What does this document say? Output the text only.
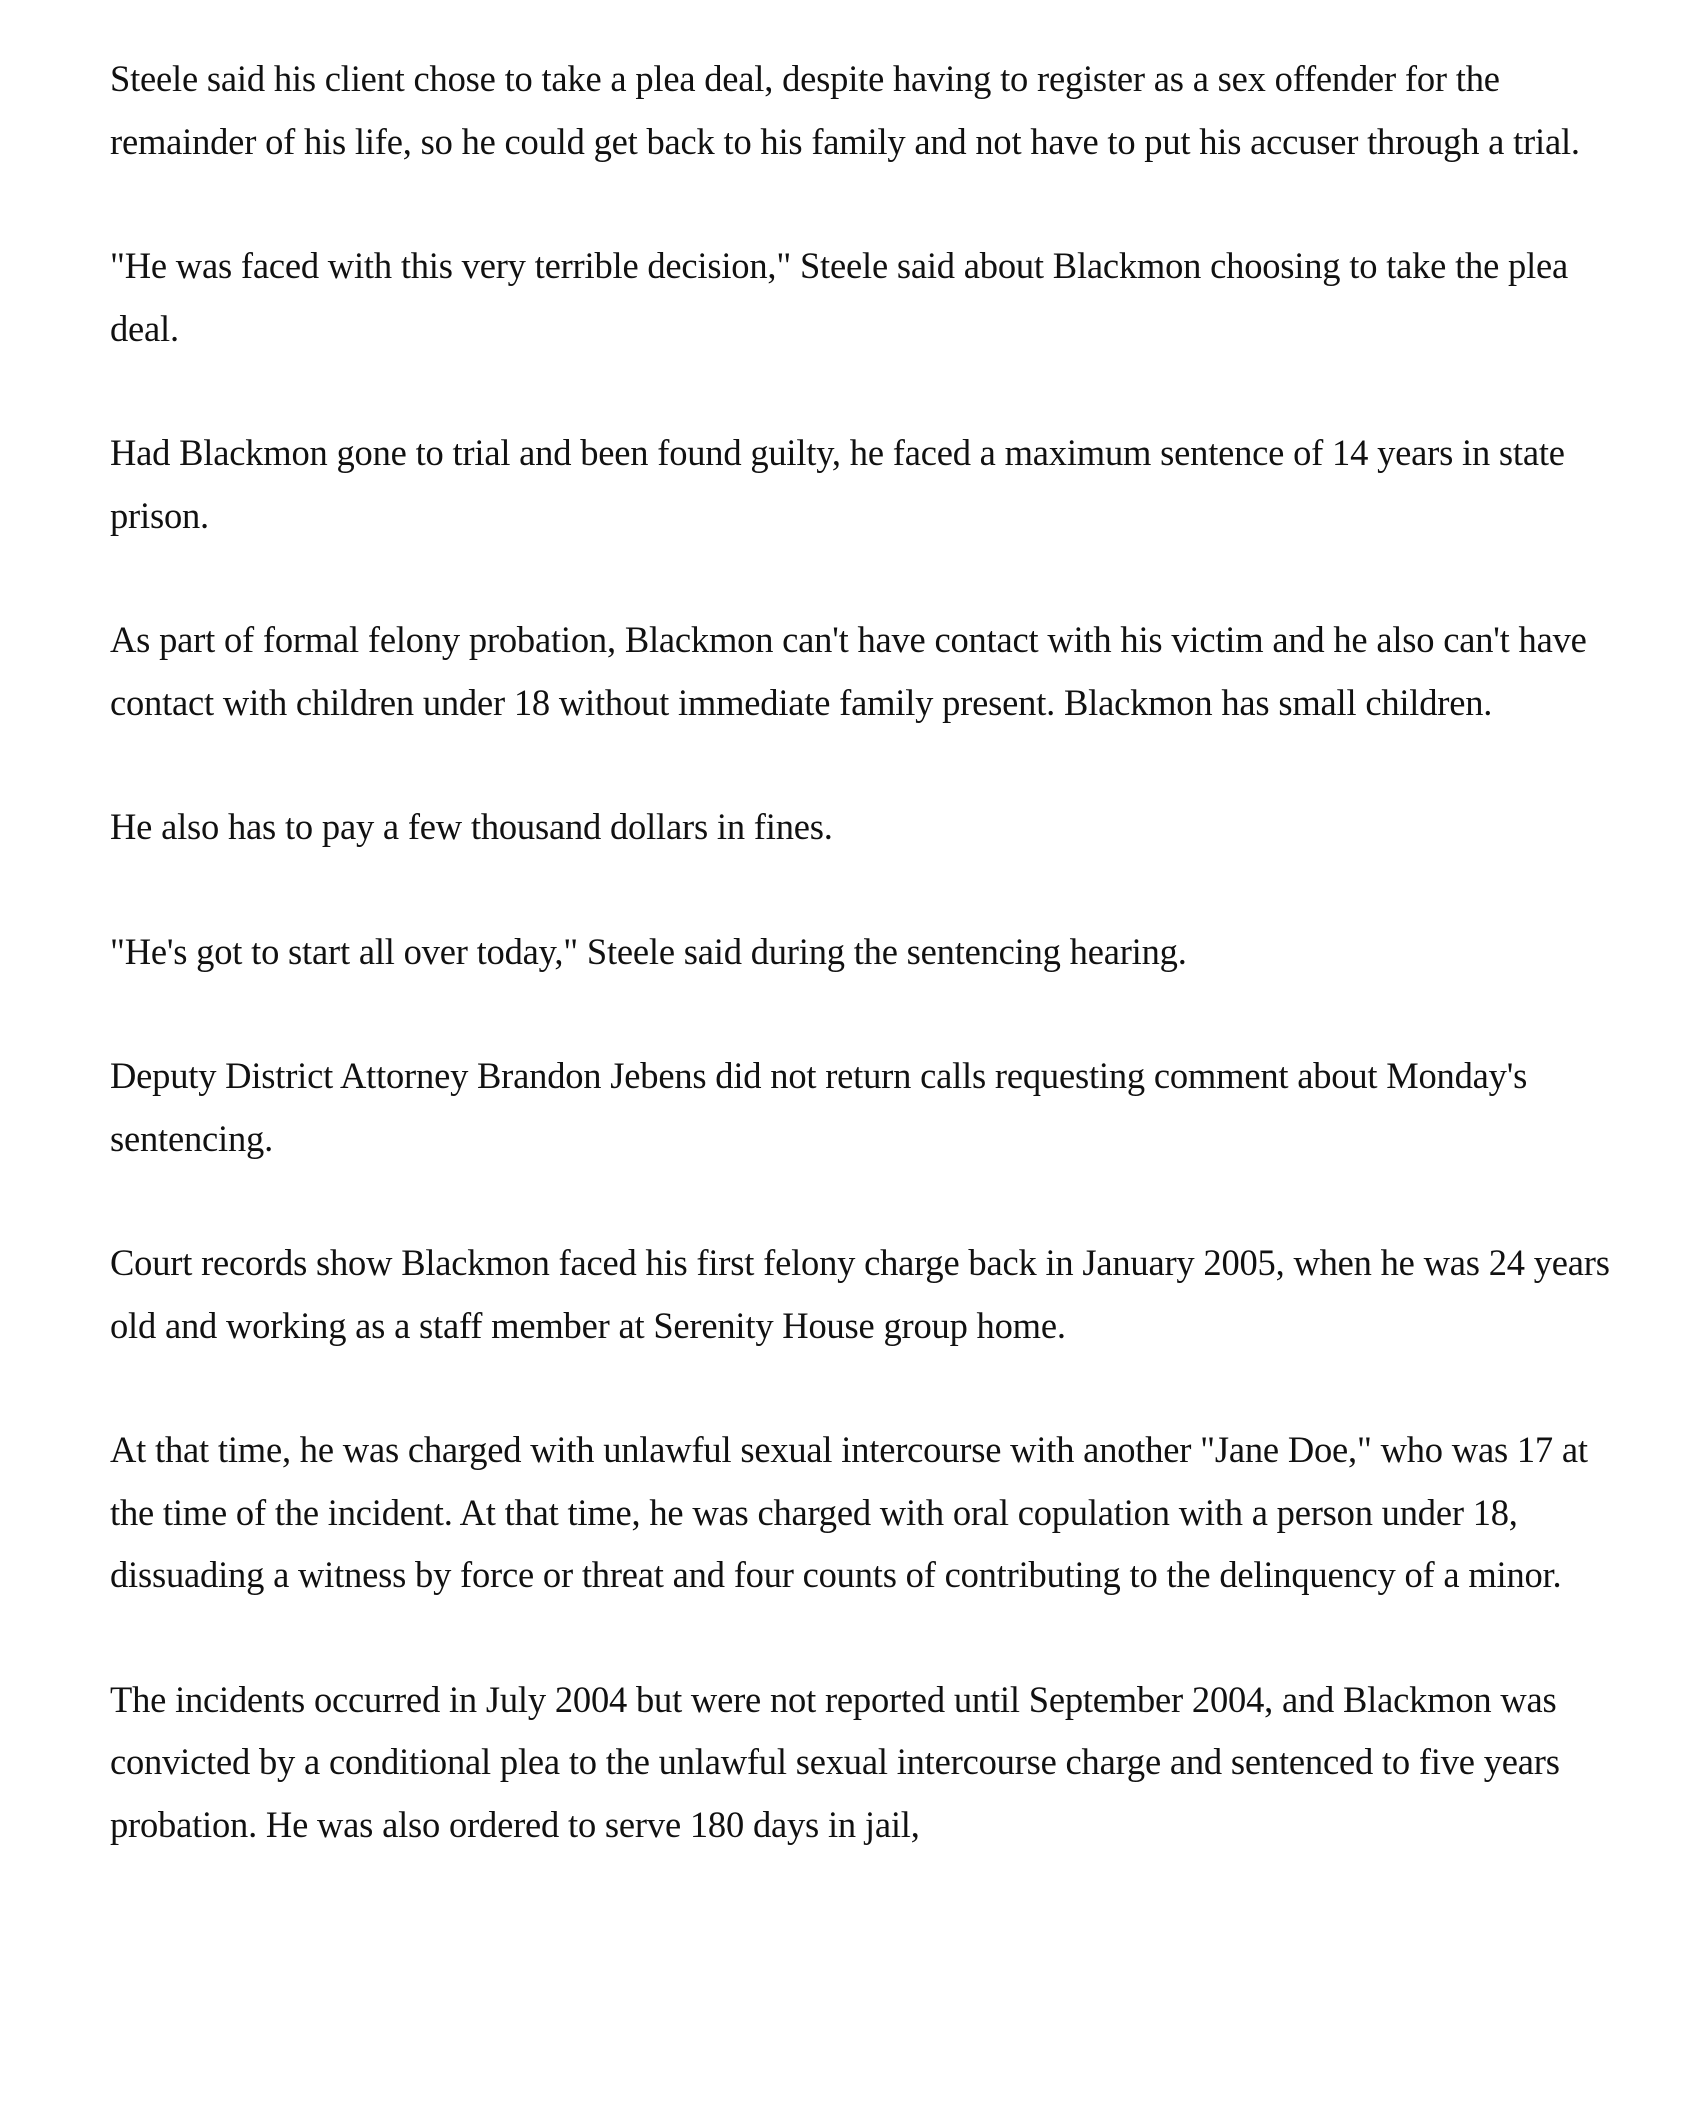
Steele said his client chose to take a plea deal, despite having to register as a sex offender for the remainder of his life, so he could get back to his family and not have to put his accuser through a trial.

"He was faced with this very terrible decision," Steele said about Blackmon choosing to take the plea deal.

Had Blackmon gone to trial and been found guilty, he faced a maximum sentence of 14 years in state prison.

As part of formal felony probation, Blackmon can't have contact with his victim and he also can't have contact with children under 18 without immediate family present. Blackmon has small children.

He also has to pay a few thousand dollars in fines.

"He's got to start all over today," Steele said during the sentencing hearing.

Deputy District Attorney Brandon Jebens did not return calls requesting comment about Monday's sentencing.

Court records show Blackmon faced his first felony charge back in January 2005, when he was 24 years old and working as a staff member at Serenity House group home.

At that time, he was charged with unlawful sexual intercourse with another "Jane Doe," who was 17 at the time of the incident. At that time, he was charged with oral copulation with a person under 18, dissuading a witness by force or threat and four counts of contributing to the delinquency of a minor.

The incidents occurred in July 2004 but were not reported until September 2004, and Blackmon was convicted by a conditional plea to the unlawful sexual intercourse charge and sentenced to five years probation. He was also ordered to serve 180 days in jail,
